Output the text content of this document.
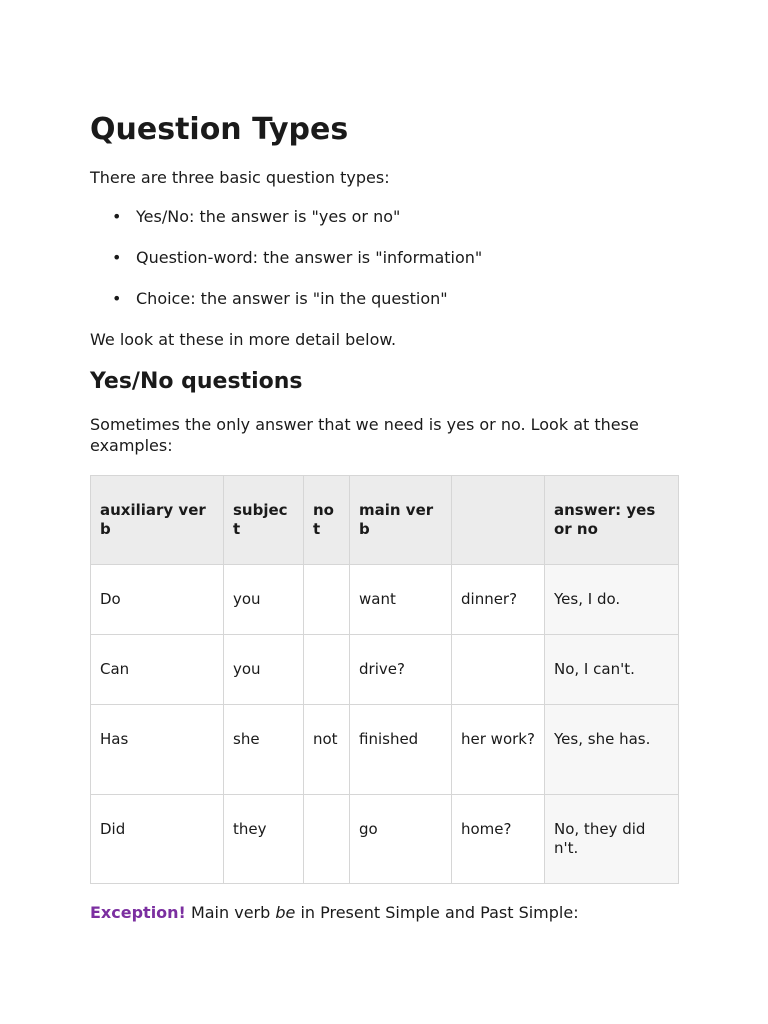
Question Types

There are three basic question types:

• Yes/No: the answer is "yes or no"
• Question-word: the answer is "information"
• Choice: the answer is "in the question"

We look at these in more detail below.

Yes/No questions

Sometimes the only answer that we need is yes or no. Look at these examples:

auxiliary verb	subject	not	main verb		answer: yes or no
Do	you		want	dinner?	Yes, I do.
Can	you		drive?		No, I can't.
Has	she	not	finished	her work?	Yes, she has.
Did	they		go	home?	No, they didn't.

Exception! Main verb be in Present Simple and Past Simple:
